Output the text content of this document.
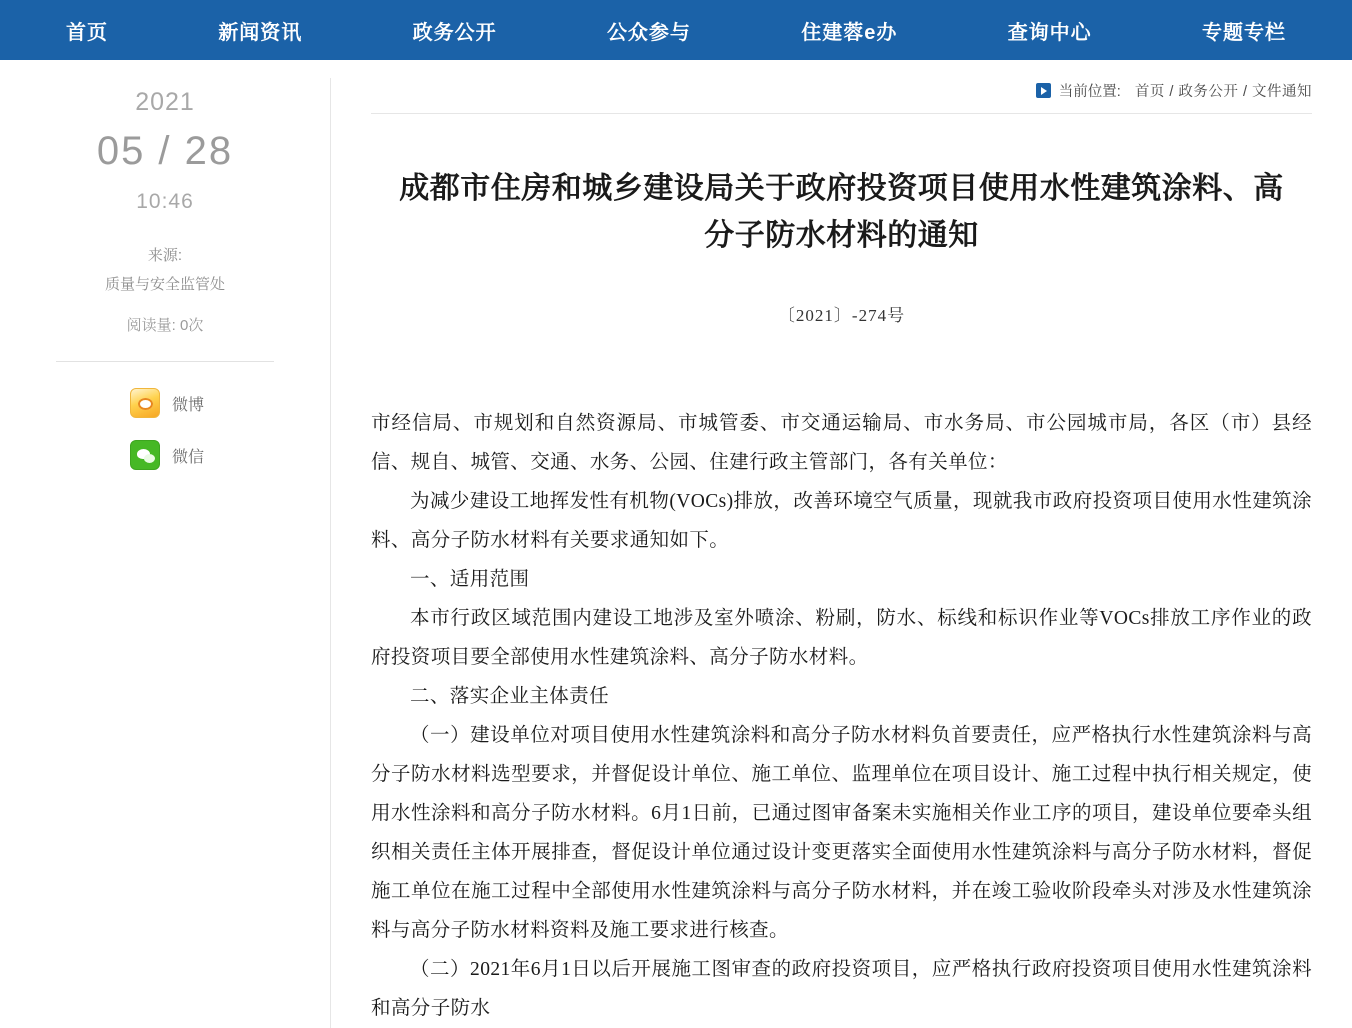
首页	新闻资讯	政务公开	公众参与	住建蓉e办	查询中心	专题专栏
2021
05 / 28
10:46
来源:
质量与安全监管处
阅读量: 0次
微博
微信
当前位置: 首页 / 政务公开 / 文件通知
成都市住房和城乡建设局关于政府投资项目使用水性建筑涂料、高分子防水材料的通知
〔2021〕-274号

市经信局、市规划和自然资源局、市城管委、市交通运输局、市水务局、市公园城市局，各区（市）县经信、规自、城管、交通、水务、公园、住建行政主管部门，各有关单位：

为减少建设工地挥发性有机物(VOCs)排放，改善环境空气质量，现就我市政府投资项目使用水性建筑涂料、高分子防水材料有关要求通知如下。

一、适用范围

本市行政区域范围内建设工地涉及室外喷涂、粉刷，防水、标线和标识作业等VOCs排放工序作业的政府投资项目要全部使用水性建筑涂料、高分子防水材料。

二、落实企业主体责任

（一）建设单位对项目使用水性建筑涂料和高分子防水材料负首要责任，应严格执行水性建筑涂料与高分子防水材料选型要求，并督促设计单位、施工单位、监理单位在项目设计、施工过程中执行相关规定，使用水性涂料和高分子防水材料。6月1日前，已通过图审备案未实施相关作业工序的项目，建设单位要牵头组织相关责任主体开展排查，督促设计单位通过设计变更落实全面使用水性建筑涂料与高分子防水材料，督促施工单位在施工过程中全部使用水性建筑涂料与高分子防水材料，并在竣工验收阶段牵头对涉及水性建筑涂料与高分子防水材料资料及施工要求进行核查。

（二）2021年6月1日以后开展施工图审查的政府投资项目，应严格执行政府投资项目使用水性建筑涂料和高分子防水
